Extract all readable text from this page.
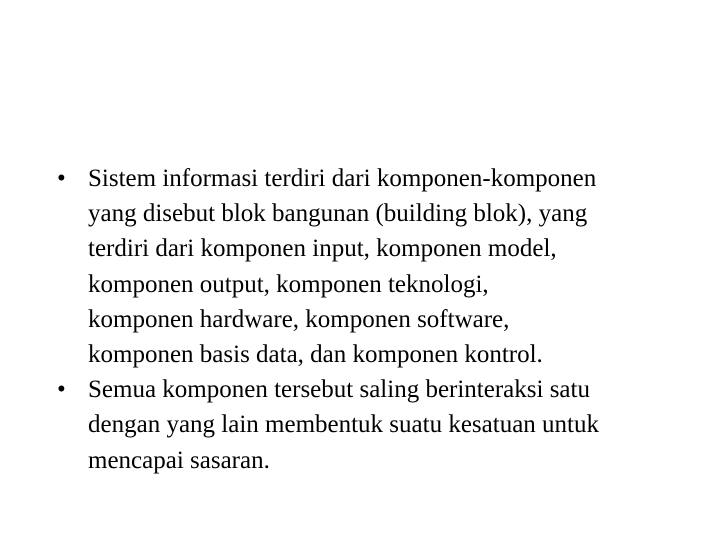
• Sistem informasi terdiri dari komponen-komponen
yang disebut blok bangunan (building blok), yang
terdiri dari komponen input, komponen model,
komponen output, komponen teknologi,
komponen hardware, komponen software,
komponen basis data, dan komponen kontrol.
• Semua komponen tersebut saling berinteraksi satu
dengan yang lain membentuk suatu kesatuan untuk
mencapai sasaran.
